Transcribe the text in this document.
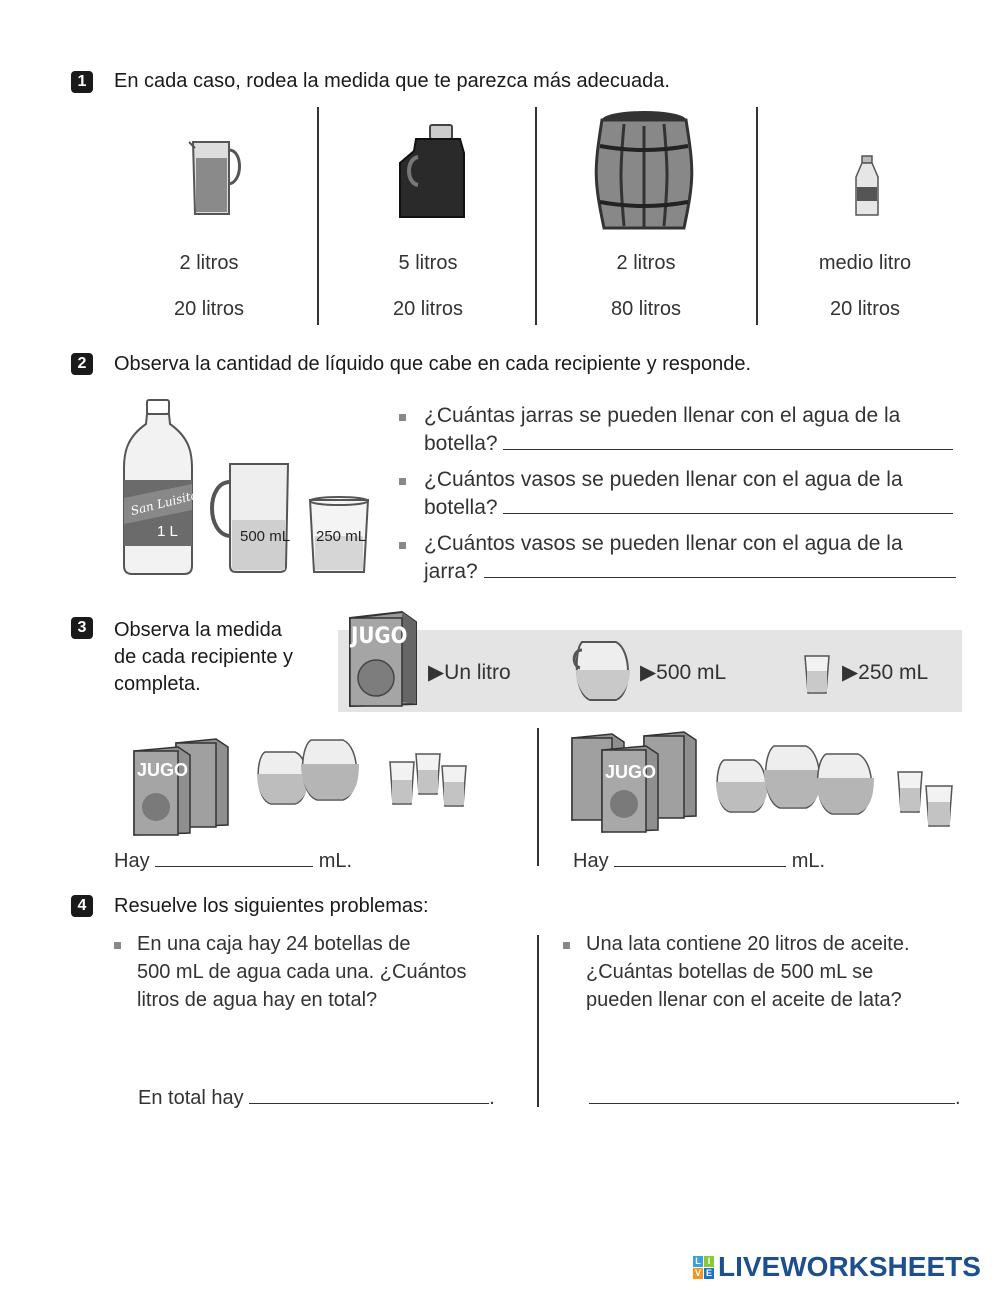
1	En cada caso, rodea la medida que te parezca más adecuada.
2 litros
20 litros
5 litros
20 litros
2 litros
80 litros
medio litro
20 litros
2	Observa la cantidad de líquido que cabe en cada recipiente y responde.
San Luisito
1 L	500 mL 250 mL
¿Cuántas jarras se pueden llenar con el agua de la
botella?
¿Cuántos vasos se pueden llenar con el agua de la
botella?
¿Cuántos vasos se pueden llenar con el agua de la
jarra?
3	Observa la medida
de cada recipiente y
completa.
JUGO
▶Un litro	▶500 mL	▶250 mL
JUGO
Hay	mL.
JUGO
Hay	mL.
4	Resuelve los siguientes problemas:
En una caja hay 24 botellas de
500 mL de agua cada una. ¿Cuántos
litros de agua hay en total?
En total hay	.
Una lata contiene 20 litros de aceite.
¿Cuántas botellas de 500 mL se
pueden llenar con el aceite de lata?
.
L I
V E LIVEWORKSHEETS
